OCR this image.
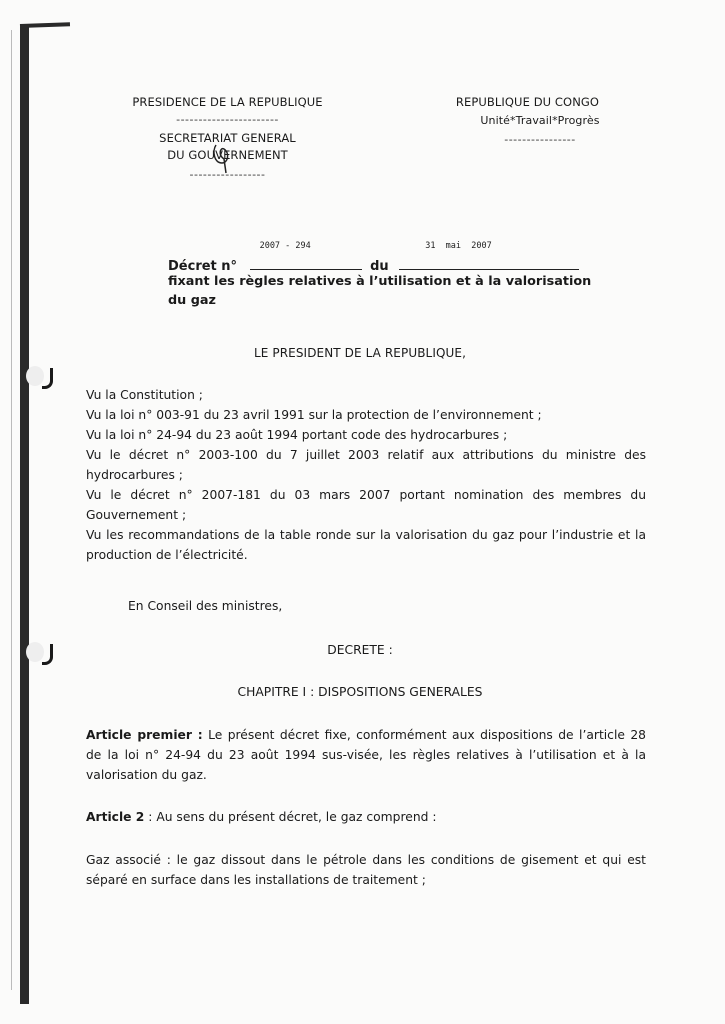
PRESIDENCE DE LA REPUBLIQUE
-----------------------
SECRETARIAT GENERAL
DU GOUVERNEMENT
-----------------
REPUBLIQUE DU CONGO
Unité*Travail*Progrès
----------------
Décret n°
2007 - 294
du
31  mai  2007
fixant les règles relatives à l’utilisation et à la valorisation
du gaz
LE PRESIDENT DE LA REPUBLIQUE,
Vu la Constitution ;
Vu la loi n° 003-91 du 23 avril 1991 sur la protection de l’environnement ;
Vu la loi n° 24-94 du 23 août 1994 portant code des hydrocarbures ;
Vu le décret n° 2003-100 du 7 juillet 2003 relatif aux attributions du ministre des hydrocarbures ;
Vu le décret n° 2007-181 du 03 mars 2007 portant nomination des membres du Gouvernement ;
Vu les recommandations de la table ronde sur la valorisation du gaz pour l’industrie et la production de l’électricité.
En Conseil des ministres,
DECRETE :
CHAPITRE I : DISPOSITIONS GENERALES
Article premier : Le présent décret fixe, conformément aux dispositions de l’article 28 de la loi n° 24-94 du 23 août 1994 sus-visée, les règles relatives à l’utilisation et à la valorisation du gaz.
Article 2 : Au sens du présent décret, le gaz comprend :
Gaz associé : le gaz dissout dans le pétrole dans les conditions de gisement et qui est séparé en surface dans les installations de traitement ;
